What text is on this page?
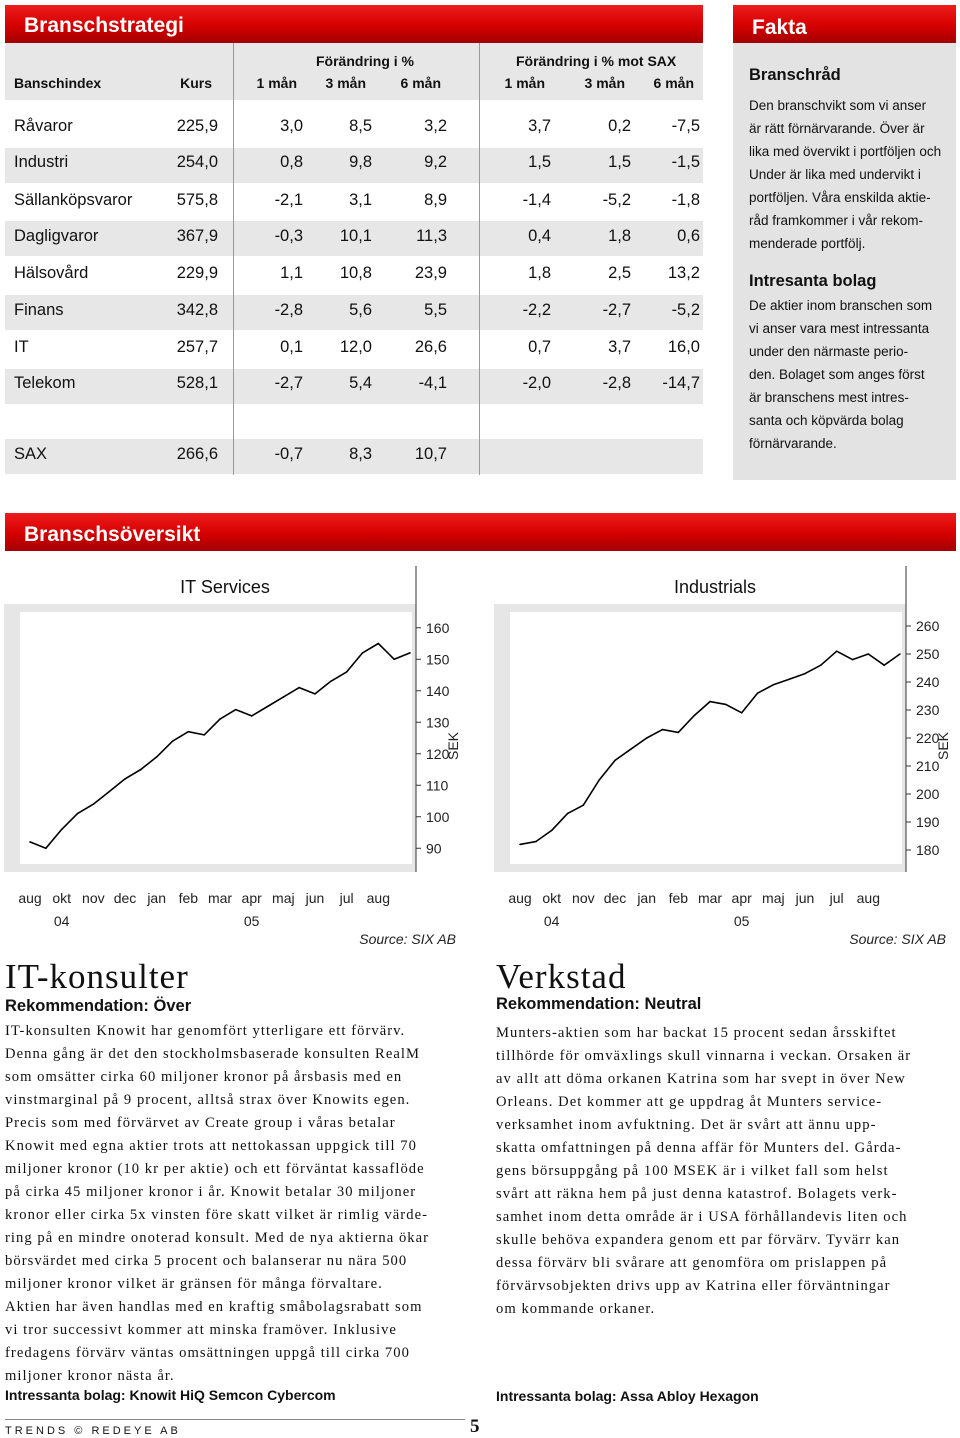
Branschstrategi
Förändring i %	Förändring i % mot SAX
Banschindex	Kurs	1 mån 3 mån 6 mån	1 mån	3 mån 6 mån
Råvaror	225,9	3,0	8,5	3,2	3,7	0,2 -7,5
Industri	254,0	0,8	9,8	9,2	1,5	1,5 -1,5
Sällanköpsvaror	575,8	-2,1	3,1	8,9	-1,4	-5,2 -1,8
Dagligvaror	367,9	-0,3 10,1	11,3	0,4	1,8	0,6
Hälsovård	229,9	1,1 10,8	23,9	1,8	2,5 13,2
Finans	342,8	-2,8	5,6	5,5	-2,2	-2,7 -5,2
IT	257,7	0,1 12,0	26,6	0,7	3,7 16,0
Telekom	528,1	-2,7	5,4	-4,1	-2,0	-2,8 -14,7
SAX	266,6	-0,7	8,3	10,7
Fakta
Branschråd
Den branschvikt som vi anser
är rätt förnärvarande. Över är
lika med övervikt i portföljen och
Under är lika med undervikt i
portföljen. Våra enskilda aktie-
råd framkommer i vår rekom-
menderade portfölj.
Intresanta bolag
De aktier inom branschen som
vi anser vara mest intressanta
under den närmaste perio-
den. Bolaget som anges först
är branschens mest intres-
santa och köpvärda bolag
förnärvarande.
Branschsöversikt
IT Services
90
100
110
120
130
140
150
160
SEK
aug okt nov dec jan feb mar apr maj jun jul aug
04	05
Source: SIX AB
Industrials
180
190
200
210
220
230
240
250
260
SEK
aug okt nov dec jan feb mar apr maj jun jul aug
04	05
Source: SIX AB
IT-konsulter
Rekommendation: Över
IT-konsulten Knowit har genomfört ytterligare ett förvärv.
Denna gång är det den stockholmsbaserade konsulten RealM
som omsätter cirka 60 miljoner kronor på årsbasis med en
vinstmarginal på 9 procent, alltså strax över Knowits egen.
Precis som med förvärvet av Create group i våras betalar
Knowit med egna aktier trots att nettokassan uppgick till 70
miljoner kronor (10 kr per aktie) och ett förväntat kassaflöde
på cirka 45 miljoner kronor i år. Knowit betalar 30 miljoner
kronor eller cirka 5x vinsten före skatt vilket är rimlig värde-
ring på en mindre onoterad konsult. Med de nya aktierna ökar
börsvärdet med cirka 5 procent och balanserar nu nära 500
miljoner kronor vilket är gränsen för många förvaltare.
Aktien har även handlas med en kraftig småbolagsrabatt som
vi tror successivt kommer att minska framöver. Inklusive
fredagens förvärv väntas omsättningen uppgå till cirka 700
miljoner kronor nästa år.
Intressanta bolag: Knowit HiQ Semcon Cybercom
Verkstad
Rekommendation: Neutral
Munters-aktien som har backat 15 procent sedan årsskiftet
tillhörde för omväxlings skull vinnarna i veckan. Orsaken är
av allt att döma orkanen Katrina som har svept in över New
Orleans. Det kommer att ge uppdrag åt Munters service-
verksamhet inom avfuktning. Det är svårt att ännu upp-
skatta omfattningen på denna affär för Munters del. Gårda-
gens börsuppgång på 100 MSEK är i vilket fall som helst
svårt att räkna hem på just denna katastrof. Bolagets verk-
samhet inom detta område är i USA förhållandevis liten och
skulle behöva expandera genom ett par förvärv. Tyvärr kan
dessa förvärv bli svårare att genomföra om prislappen på
förvärvsobjekten drivs upp av Katrina eller förväntningar
om kommande orkaner.
Intressanta bolag: Assa Abloy Hexagon
TRENDS © REDEYE AB	5
